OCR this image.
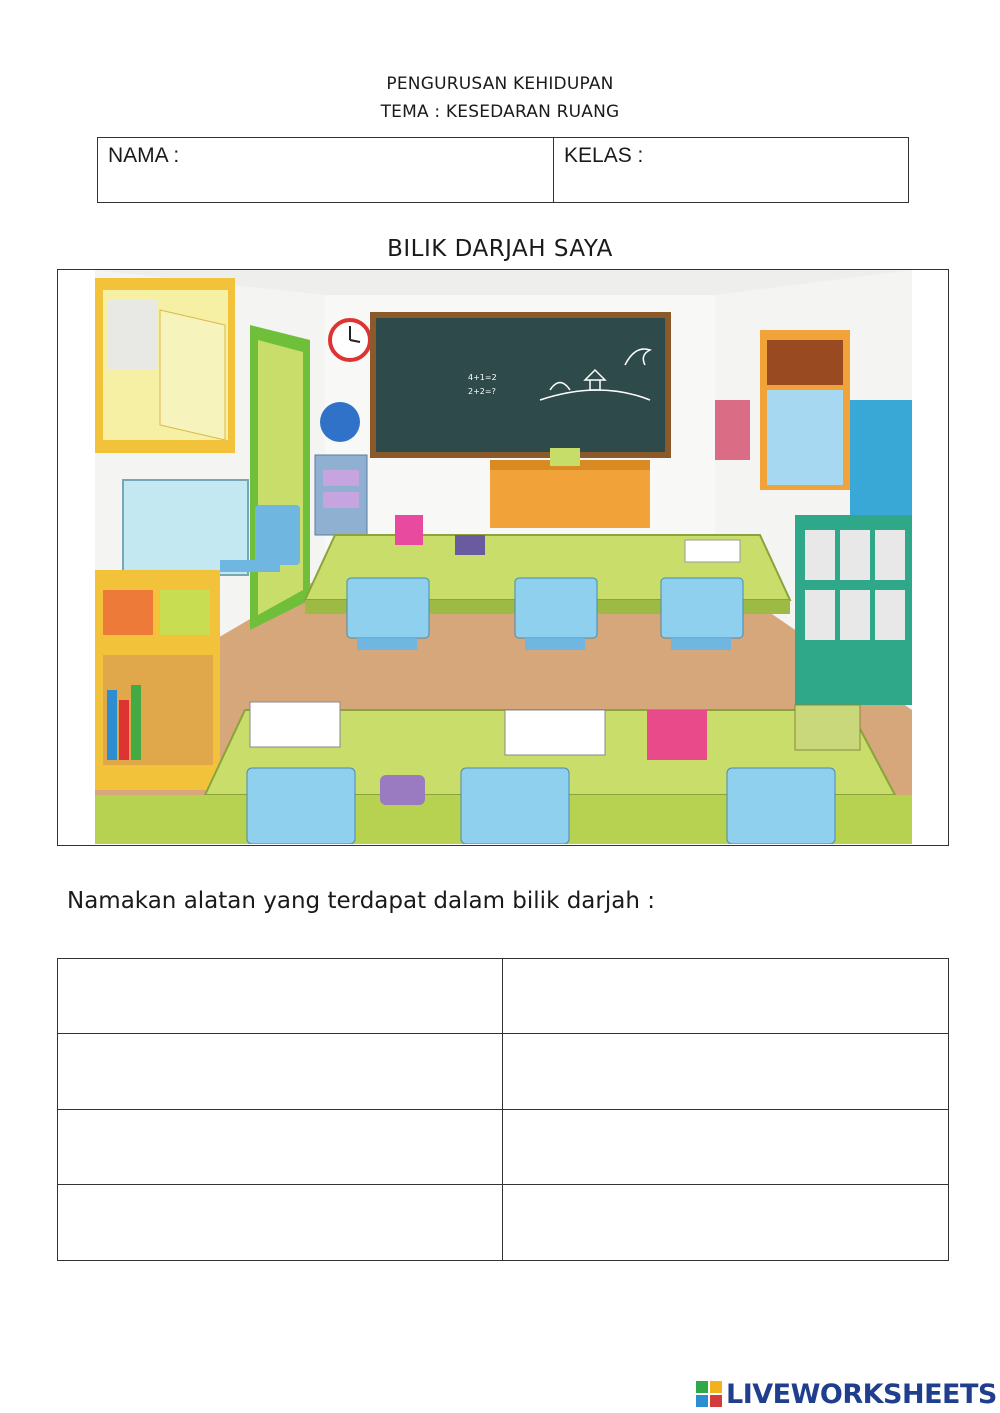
PENGURUSAN KEHIDUPAN
TEMA : KESEDARAN RUANG
NAMA :	KELAS :
BILIK DARJAH SAYA
4+1=2
2+2=?
Namakan alatan yang terdapat dalam bilik darjah :
LIVEWORKSHEETS
